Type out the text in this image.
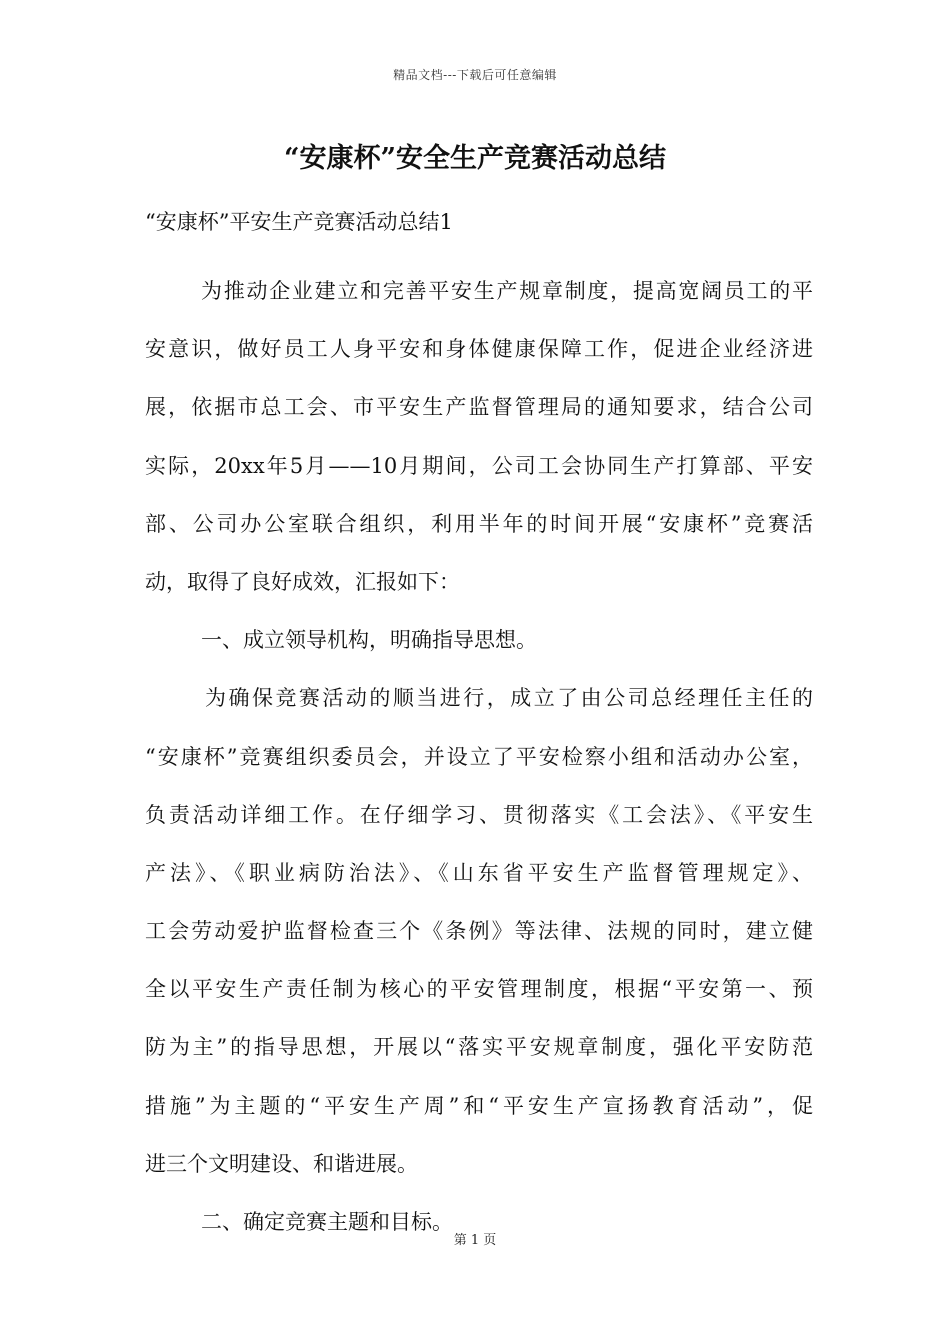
精品文档---下载后可任意编辑
“安康杯”安全生产竞赛活动总结

“安康杯”平安生产竞赛活动总结1

为推动企业建立和完善平安生产规章制度，提高宽阔员工的平
安意识，做好员工人身平安和身体健康保障工作，促进企业经济进
展，依据市总工会、市平安生产监督管理局的通知要求，结合公司
实际，20xx年5月——10月期间，公司工会协同生产打算部、平安
部、公司办公室联合组织，利用半年的时间开展“安康杯”竞赛活
动，取得了良好成效，汇报如下：
一、成立领导机构，明确指导思想。
为确保竞赛活动的顺当进行，成立了由公司总经理任主任的
“安康杯”竞赛组织委员会，并设立了平安检察小组和活动办公室，
负责活动详细工作。在仔细学习、贯彻落实《工会法》、《平安生
产法》、《职业病防治法》、《山东省平安生产监督管理规定》、
工会劳动爱护监督检查三个《条例》等法律、法规的同时，建立健
全以平安生产责任制为核心的平安管理制度，根据“平安第一、预
防为主”的指导思想，开展以“落实平安规章制度，强化平安防范
措施”为主题的“平安生产周”和“平安生产宣扬教育活动”，促
进三个文明建设、和谐进展。
二、确定竞赛主题和目标。
第 1 页
